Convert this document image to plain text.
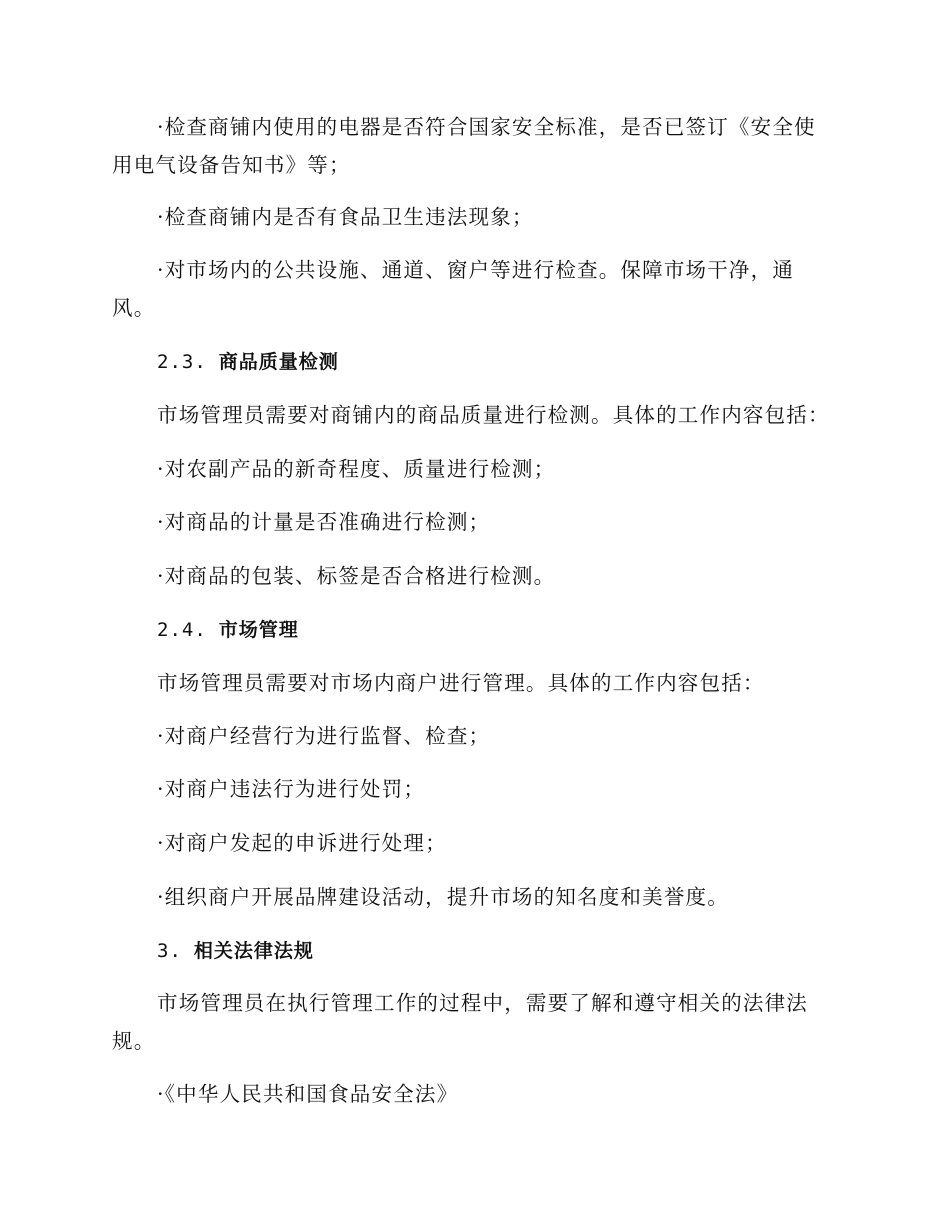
·检查商铺内使用的电器是否符合国家安全标准，是否已签订《安全使
用电气设备告知书》等；
·检查商铺内是否有食品卫生违法现象；
·对市场内的公共设施、通道、窗户等进行检查。保障市场干净，通
风。
2.3. 商品质量检测
市场管理员需要对商铺内的商品质量进行检测。具体的工作内容包括：
·对农副产品的新奇程度、质量进行检测；
·对商品的计量是否准确进行检测；
·对商品的包装、标签是否合格进行检测。
2.4. 市场管理
市场管理员需要对市场内商户进行管理。具体的工作内容包括：
·对商户经营行为进行监督、检查；
·对商户违法行为进行处罚；
·对商户发起的申诉进行处理；
·组织商户开展品牌建设活动，提升市场的知名度和美誉度。
3. 相关法律法规
市场管理员在执行管理工作的过程中，需要了解和遵守相关的法律法
规。
·《中华人民共和国食品安全法》
